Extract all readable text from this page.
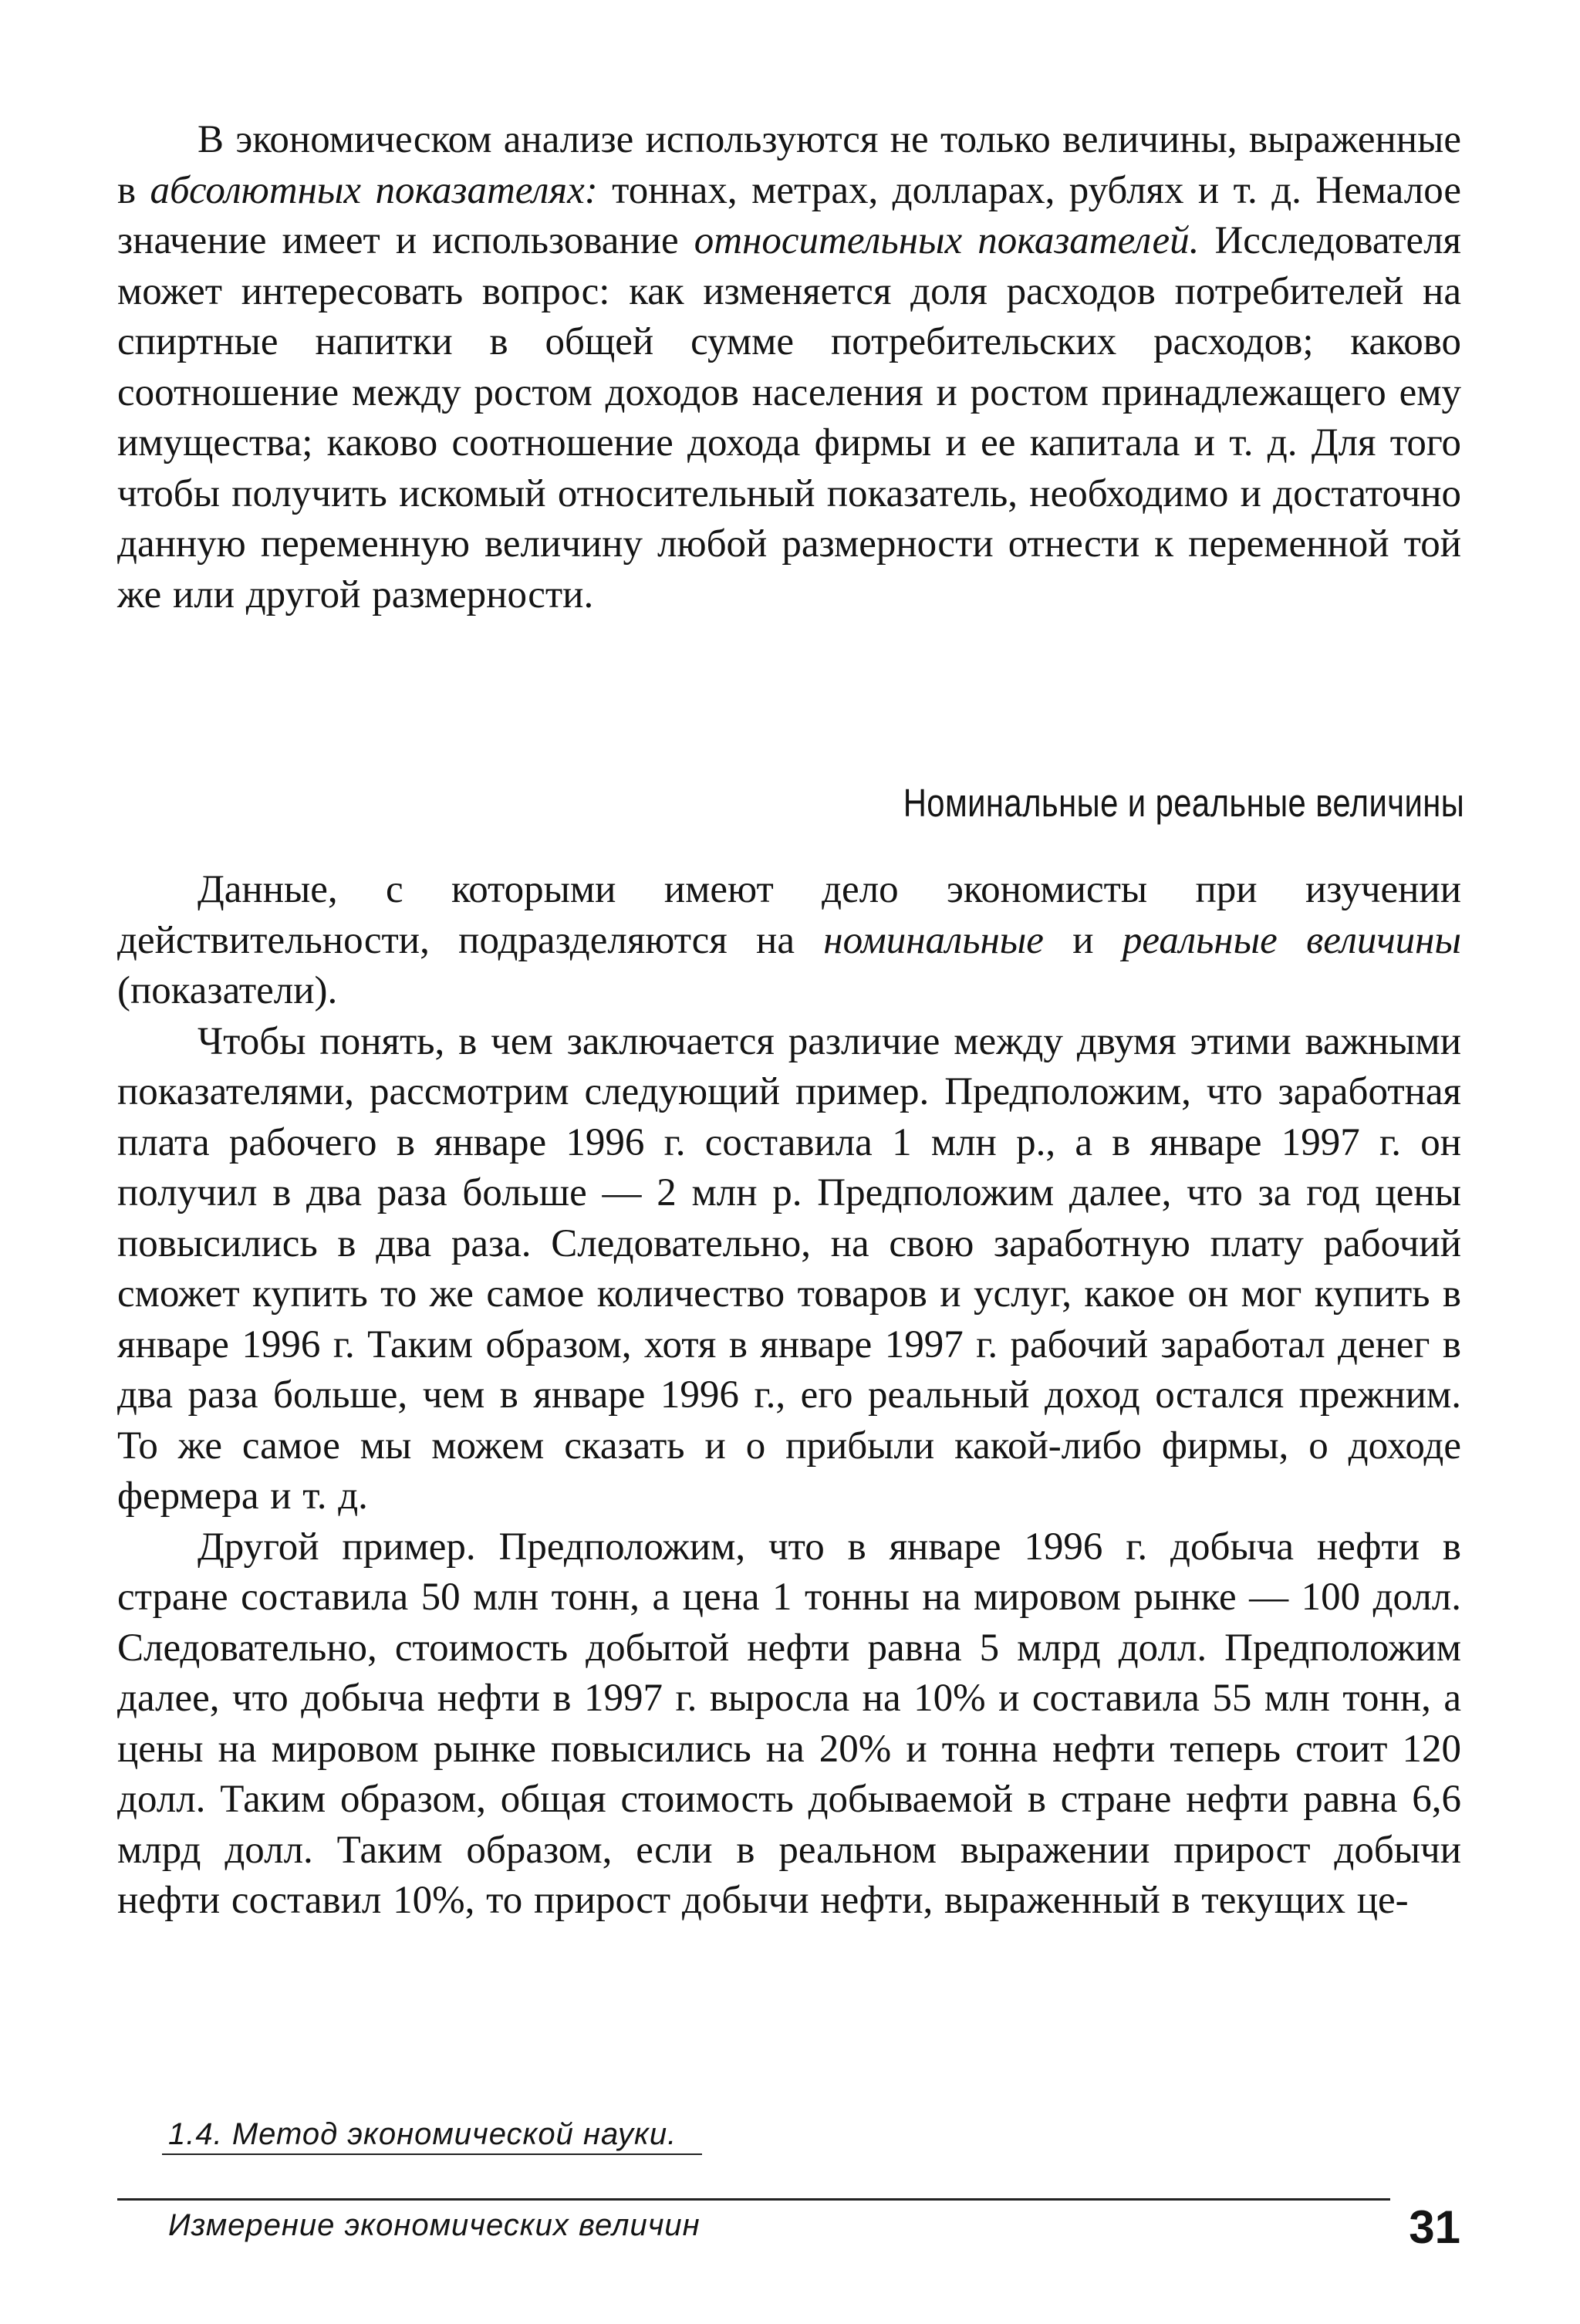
В экономическом анализе используются не только величины, выраженные в абсолютных показателях: тоннах, метрах, долларах, рублях и т. д. Немалое значение имеет и использование относительных показателей. Исследователя может интересовать вопрос: как изменяется доля расходов потребителей на спиртные напитки в общей сумме потребительских расходов; каково соотношение между ростом доходов населения и ростом принадлежащего ему имущества; каково соотношение дохода фирмы и ее капитала и т. д. Для того чтобы получить искомый относительный показатель, необходимо и достаточно данную переменную величину любой размерности отнести к переменной той же или другой размерности.

Номинальные и реальные величины

Данные, с которыми имеют дело экономисты при изучении действительности, подразделяются на номинальные и реальные величины (показатели).

Чтобы понять, в чем заключается различие между двумя этими важными показателями, рассмотрим следующий пример. Предположим, что заработная плата рабочего в январе 1996 г. составила 1 млн р., а в январе 1997 г. он получил в два раза больше — 2 млн р. Предположим далее, что за год цены повысились в два раза. Следовательно, на свою заработную плату рабочий сможет купить то же самое количество товаров и услуг, какое он мог купить в январе 1996 г. Таким образом, хотя в январе 1997 г. рабочий заработал денег в два раза больше, чем в январе 1996 г., его реальный доход остался прежним. То же самое мы можем сказать и о прибыли какой-либо фирмы, о доходе фермера и т. д.

Другой пример. Предположим, что в январе 1996 г. добыча нефти в стране составила 50 млн тонн, а цена 1 тонны на мировом рынке — 100 долл. Следовательно, стоимость добытой нефти равна 5 млрд долл. Предположим далее, что добыча нефти в 1997 г. выросла на 10% и составила 55 млн тонн, а цены на мировом рынке повысились на 20% и тонна нефти теперь стоит 120 долл. Таким образом, общая стоимость добываемой в стране нефти равна 6,6 млрд долл. Таким образом, если в реальном выражении прирост добычи нефти составил 10%, то прирост добычи нефти, выраженный в текущих це-

1.4. Метод экономической науки.
Измерение экономических величин	31
